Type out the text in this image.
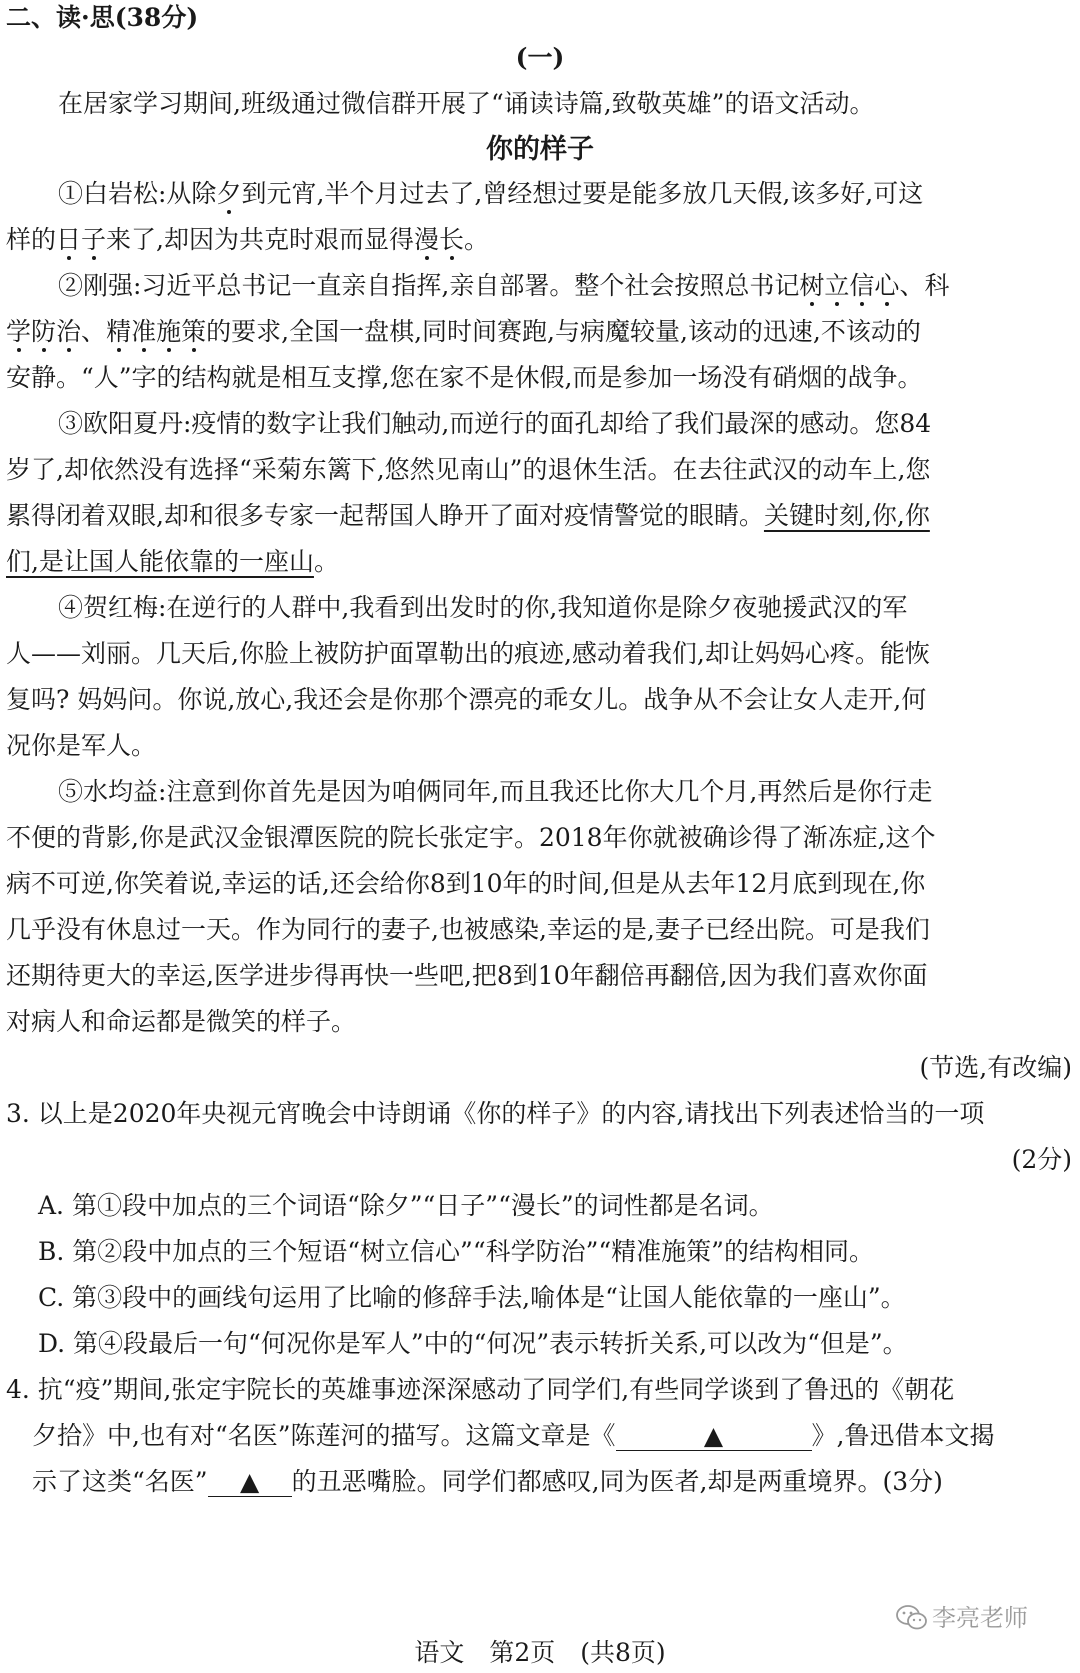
二、读·思(38分)
(一)
在居家学习期间,班级通过微信群开展了“诵读诗篇,致敬英雄”的语文活动。
你的样子
①白岩松:从除夕到元宵,半个月过去了,曾经想过要是能多放几天假,该多好,可这
样的日子来了,却因为共克时艰而显得漫长。
②刚强:习近平总书记一直亲自指挥,亲自部署。整个社会按照总书记树立信心、科
学防治、精准施策的要求,全国一盘棋,同时间赛跑,与病魔较量,该动的迅速,不该动的
安静。“人”字的结构就是相互支撑,您在家不是休假,而是参加一场没有硝烟的战争。
③欧阳夏丹:疫情的数字让我们触动,而逆行的面孔却给了我们最深的感动。您84
岁了,却依然没有选择“采菊东篱下,悠然见南山”的退休生活。在去往武汉的动车上,您
累得闭着双眼,却和很多专家一起帮国人睁开了面对疫情警觉的眼睛。关键时刻,你,你
们,是让国人能依靠的一座山。
④贺红梅:在逆行的人群中,我看到出发时的你,我知道你是除夕夜驰援武汉的军
人——刘丽。几天后,你脸上被防护面罩勒出的痕迹,感动着我们,却让妈妈心疼。能恢
复吗? 妈妈问。你说,放心,我还会是你那个漂亮的乖女儿。战争从不会让女人走开,何
况你是军人。
⑤水均益:注意到你首先是因为咱俩同年,而且我还比你大几个月,再然后是你行走
不便的背影,你是武汉金银潭医院的院长张定宇。2018年你就被确诊得了渐冻症,这个
病不可逆,你笑着说,幸运的话,还会给你8到10年的时间,但是从去年12月底到现在,你
几乎没有休息过一天。作为同行的妻子,也被感染,幸运的是,妻子已经出院。可是我们
还期待更大的幸运,医学进步得再快一些吧,把8到10年翻倍再翻倍,因为我们喜欢你面
对病人和命运都是微笑的样子。
(节选,有改编)
3. 以上是2020年央视元宵晚会中诗朗诵《你的样子》的内容,请找出下列表述恰当的一项
(2分)
A. 第①段中加点的三个词语“除夕”“日子”“漫长”的词性都是名词。
B. 第②段中加点的三个短语“树立信心”“科学防治”“精准施策”的结构相同。
C. 第③段中的画线句运用了比喻的修辞手法,喻体是“让国人能依靠的一座山”。
D. 第④段最后一句“何况你是军人”中的“何况”表示转折关系,可以改为“但是”。
4. 抗“疫”期间,张定宇院长的英雄事迹深深感动了同学们,有些同学谈到了鲁迅的《朝花
夕拾》中,也有对“名医”陈莲河的描写。这篇文章是《	▲	》,鲁迅借本文揭
示了这类“名医” ▲ 的丑恶嘴脸。同学们都感叹,同为医者,却是两重境界。(3分)
李亮老师
语文　第2页　(共8页)
